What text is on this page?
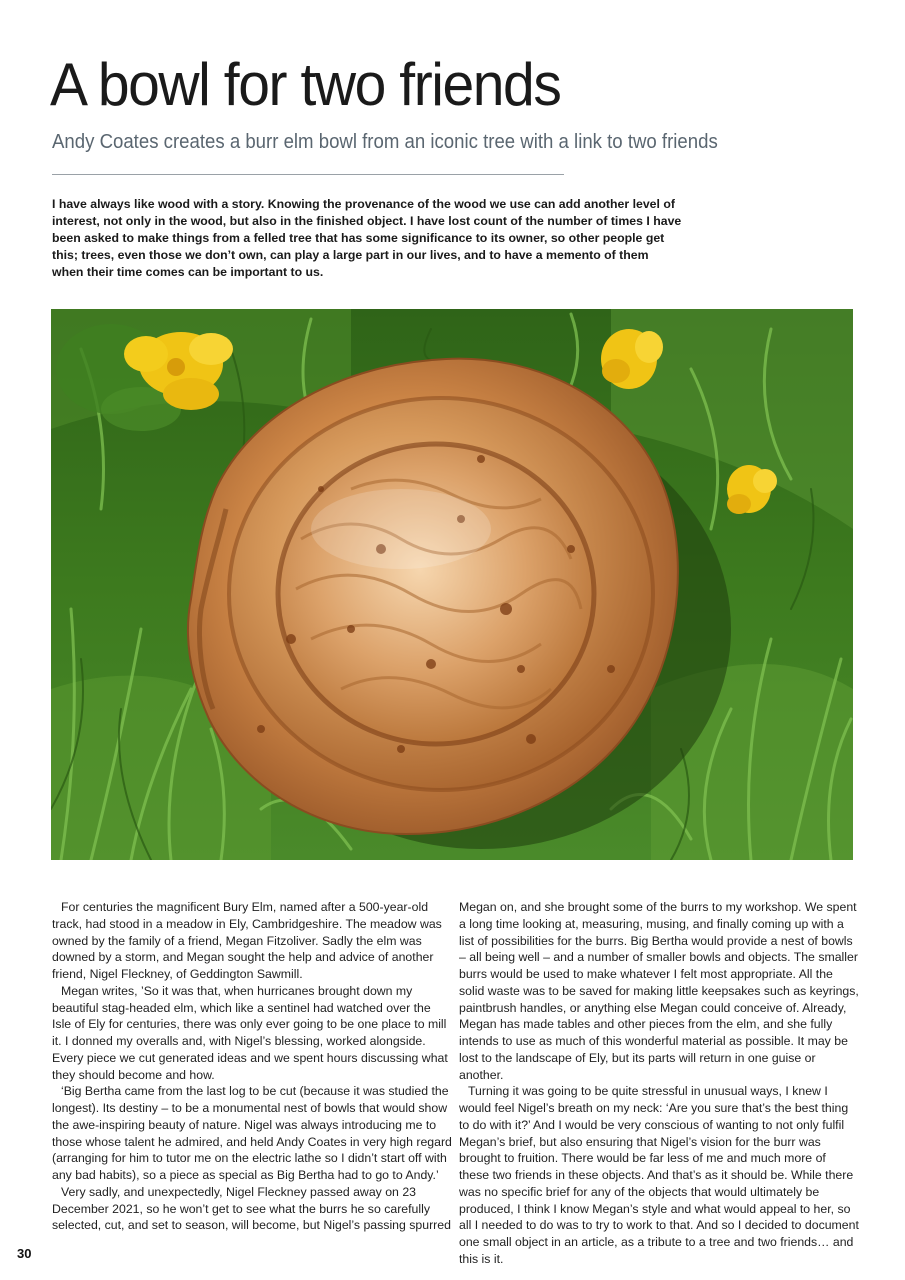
A bowl for two friends
Andy Coates creates a burr elm bowl from an iconic tree with a link to two friends

I have always like wood with a story. Knowing the provenance of the wood we use can add another level of interest, not only in the wood, but also in the finished object. I have lost count of the number of times I have been asked to make things from a felled tree that has some significance to its owner, so other people get this; trees, even those we don’t own, can play a large part in our lives, and to have a memento of them when their time comes can be important to us.

For centuries the magnificent Bury Elm, named after a 500-year-old track, had stood in a meadow in Ely, Cambridgeshire. The meadow was owned by the family of a friend, Megan Fitzoliver. Sadly the elm was downed by a storm, and Megan sought the help and advice of another friend, Nigel Fleckney, of Geddington Sawmill.

Megan writes, ’So it was that, when hurricanes brought down my beautiful stag-headed elm, which like a sentinel had watched over the Isle of Ely for centuries, there was only ever going to be one place to mill it. I donned my overalls and, with Nigel’s blessing, worked alongside. Every piece we cut generated ideas and we spent hours discussing what they should become and how.

‘Big Bertha came from the last log to be cut (because it was studied the longest). Its destiny – to be a monumental nest of bowls that would show the awe-inspiring beauty of nature. Nigel was always introducing me to those whose talent he admired, and held Andy Coates in very high regard (arranging for him to tutor me on the electric lathe so I didn’t start off with any bad habits), so a piece as special as Big Bertha had to go to Andy.’

Very sadly, and unexpectedly, Nigel Fleckney passed away on 23 December 2021, so he won’t get to see what the burrs he so carefully selected, cut, and set to season, will become, but Nigel’s passing spurred

Megan on, and she brought some of the burrs to my workshop. We spent a long time looking at, measuring, musing, and finally coming up with a list of possibilities for the burrs. Big Bertha would provide a nest of bowls – all being well – and a number of smaller bowls and objects. The smaller burrs would be used to make whatever I felt most appropriate. All the solid waste was to be saved for making little keepsakes such as keyrings, paintbrush handles, or anything else Megan could conceive of. Already, Megan has made tables and other pieces from the elm, and she fully intends to use as much of this wonderful material as possible. It may be lost to the landscape of Ely, but its parts will return in one guise or another.

Turning it was going to be quite stressful in unusual ways, I knew I would feel Nigel’s breath on my neck: ‘Are you sure that’s the best thing to do with it?’ And I would be very conscious of wanting to not only fulfil Megan’s brief, but also ensuring that Nigel’s vision for the burr was brought to fruition. There would be far less of me and much more of these two friends in these objects. And that’s as it should be. While there was no specific brief for any of the objects that would ultimately be produced, I think I know Megan’s style and what would appeal to her, so all I needed to do was to try to work to that. And so I decided to document one small object in an article, as a tribute to a tree and two friends… and this is it.

30
